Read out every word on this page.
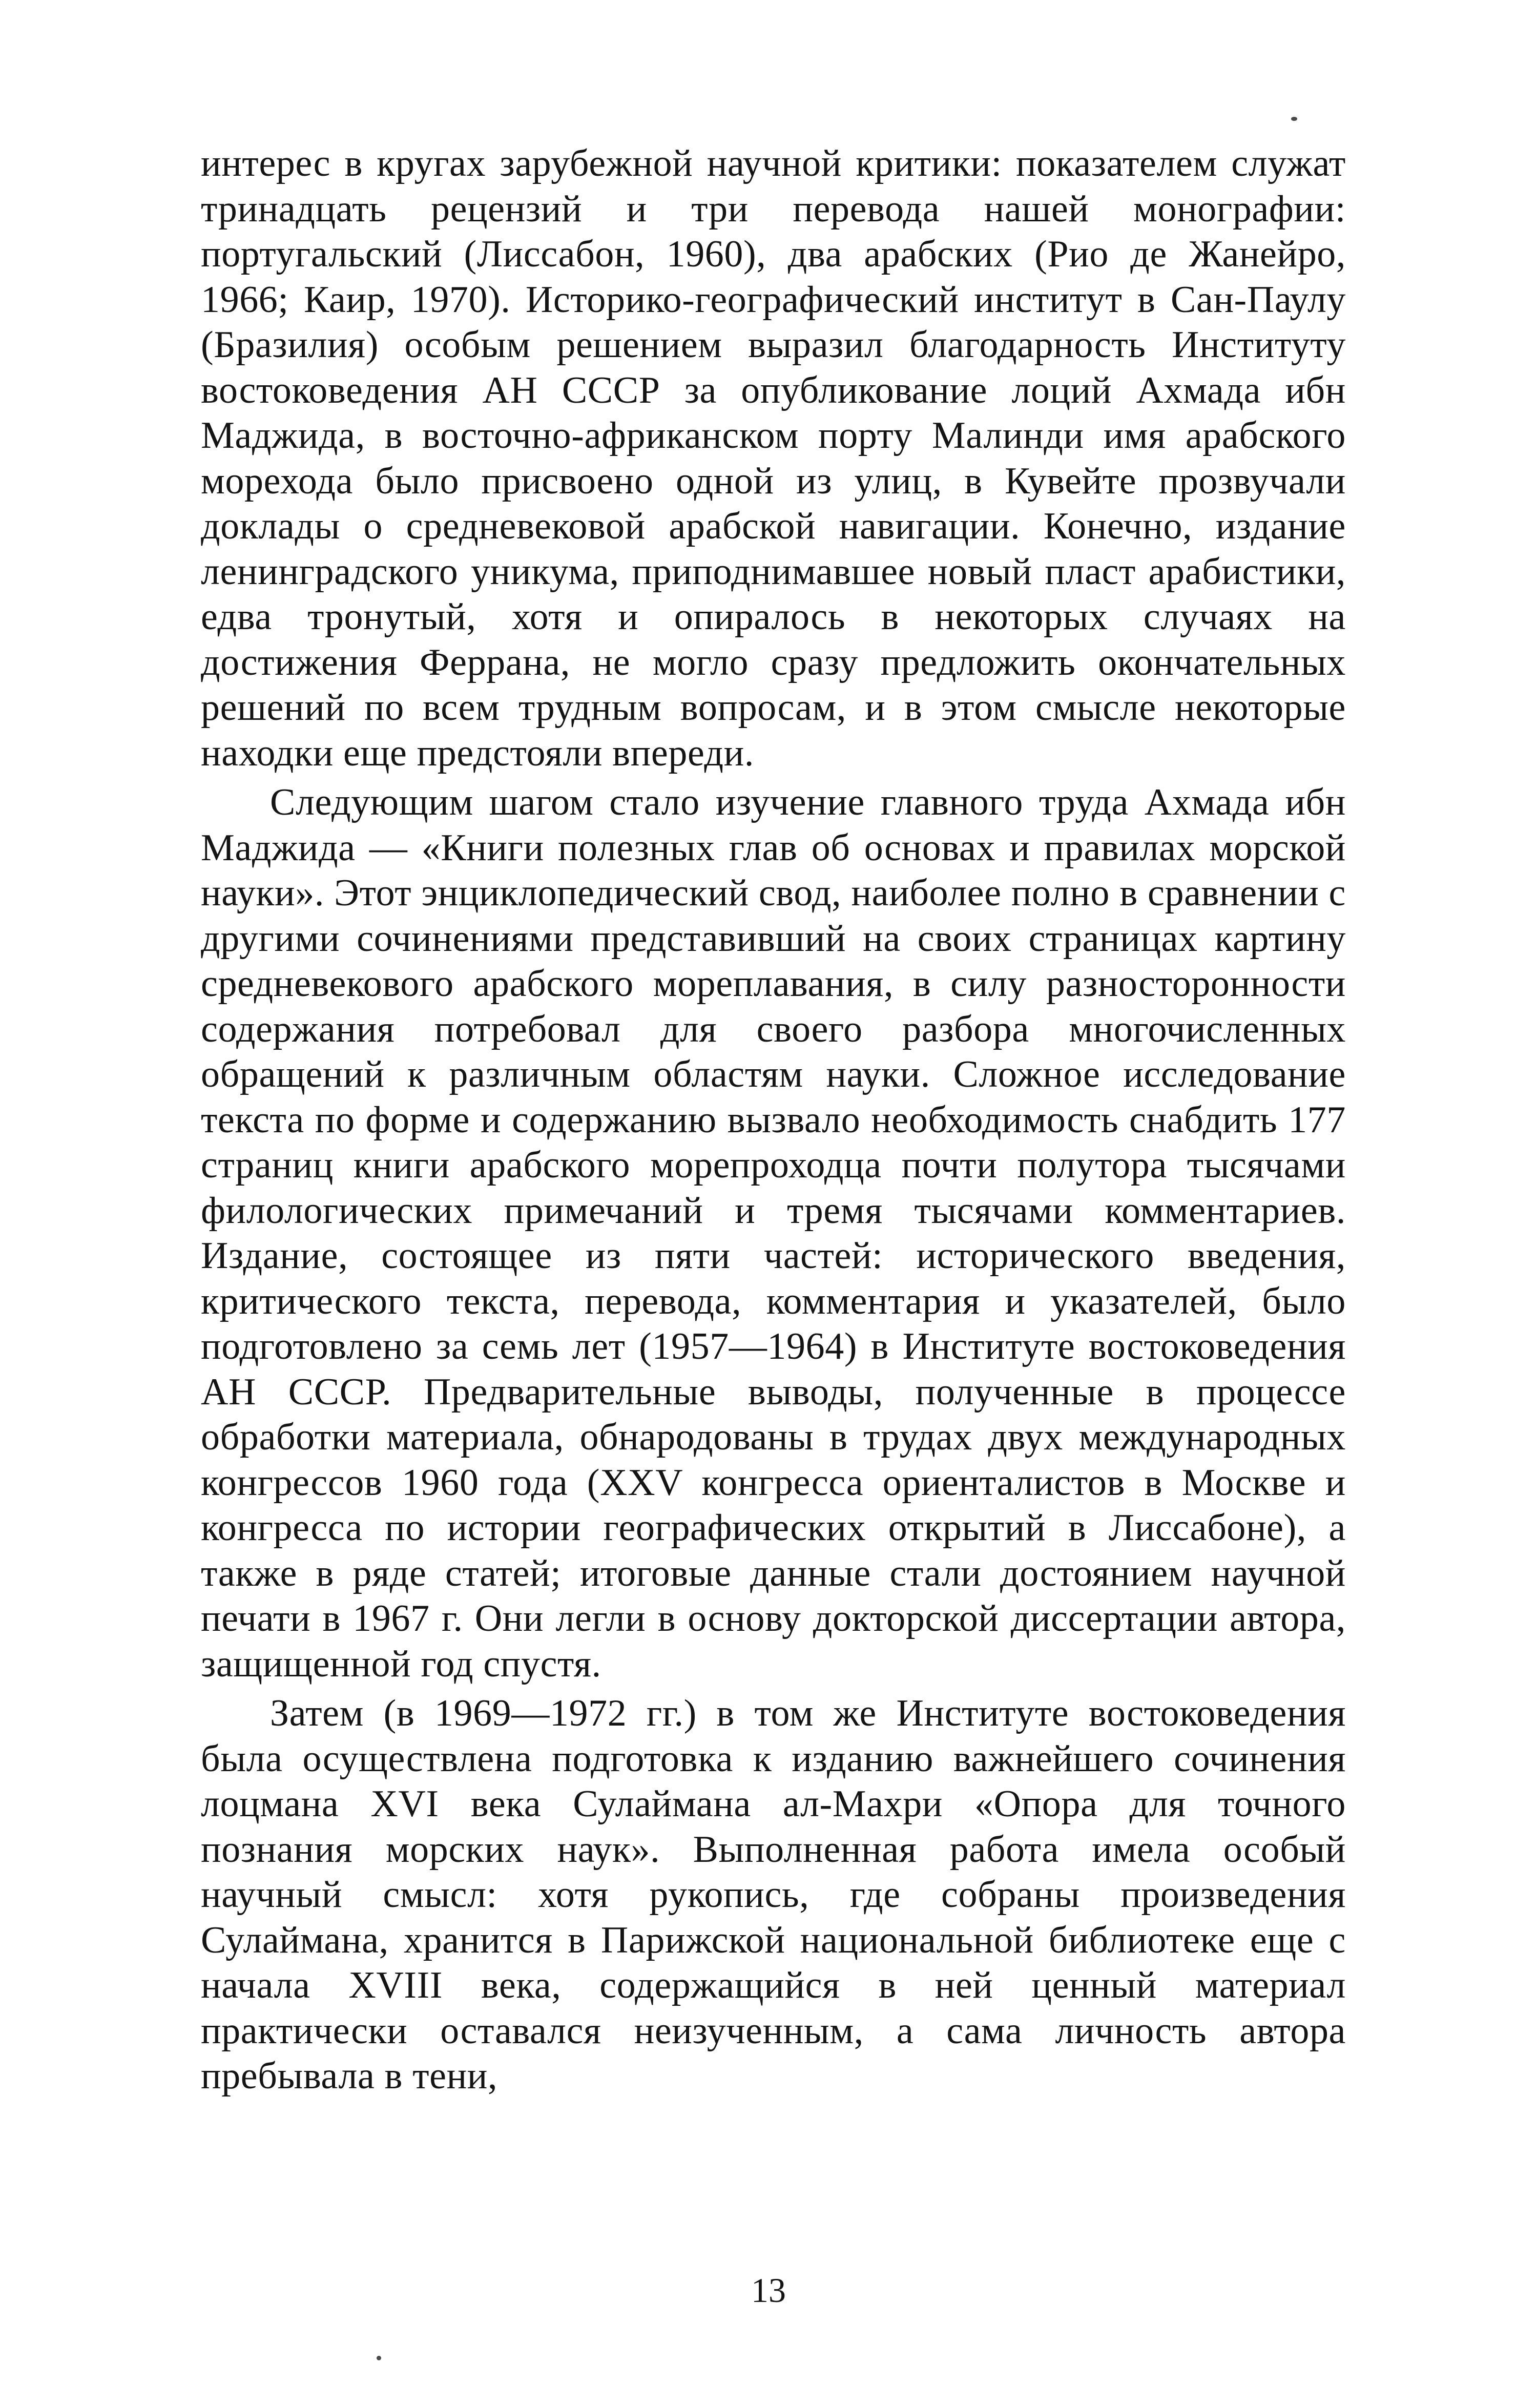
интерес в кругах зарубежной научной критики: показателем служат тринадцать рецензий и три перевода нашей монографии: португальский (Лиссабон, 1960), два арабских (Рио де Жанейро, 1966; Каир, 1970). Историко-географический институт в Сан-Паулу (Бразилия) особым решением выразил благодарность Институту востоковедения АН СССР за опубликование лоций Ахмада ибн Маджида, в восточно-африканском порту Малинди имя арабского морехода было присвоено одной из улиц, в Кувейте прозвучали доклады о средневековой арабской навигации. Конечно, издание ленинградского уникума, приподнимавшее новый пласт арабистики, едва тронутый, хотя и опиралось в некоторых случаях на достижения Феррана, не могло сразу предложить окончательных решений по всем трудным вопросам, и в этом смысле некоторые находки еще предстояли впереди.

Следующим шагом стало изучение главного труда Ахмада ибн Маджида — «Книги полезных глав об основах и правилах морской науки». Этот энциклопедический свод, наиболее полно в сравнении с другими сочинениями представивший на своих страницах картину средневекового арабского мореплавания, в силу разносторонности содержания потребовал для своего разбора многочисленных обращений к различным областям науки. Сложное исследование текста по форме и содержанию вызвало необходимость снабдить 177 страниц книги арабского морепроходца почти полутора тысячами филологических примечаний и тремя тысячами комментариев. Издание, состоящее из пяти частей: исторического введения, критического текста, перевода, комментария и указателей, было подготовлено за семь лет (1957—1964) в Институте востоковедения АН СССР. Предварительные выводы, полученные в процессе обработки материала, обнародованы в трудах двух международных конгрессов 1960 года (XXV конгресса ориенталистов в Москве и конгресса по истории географических открытий в Лиссабоне), а также в ряде статей; итоговые данные стали достоянием научной печати в 1967 г. Они легли в основу докторской диссертации автора, защищенной год спустя.

Затем (в 1969—1972 гг.) в том же Институте востоковедения была осуществлена подготовка к изданию важнейшего сочинения лоцмана XVI века Сулаймана ал-Махри «Опора для точного познания морских наук». Выполненная работа имела особый научный смысл: хотя рукопись, где собраны произведения Сулаймана, хранится в Парижской национальной библиотеке еще с начала XVIII века, содержащийся в ней ценный материал практически оставался неизученным, а сама личность автора пребывала в тени,

13
